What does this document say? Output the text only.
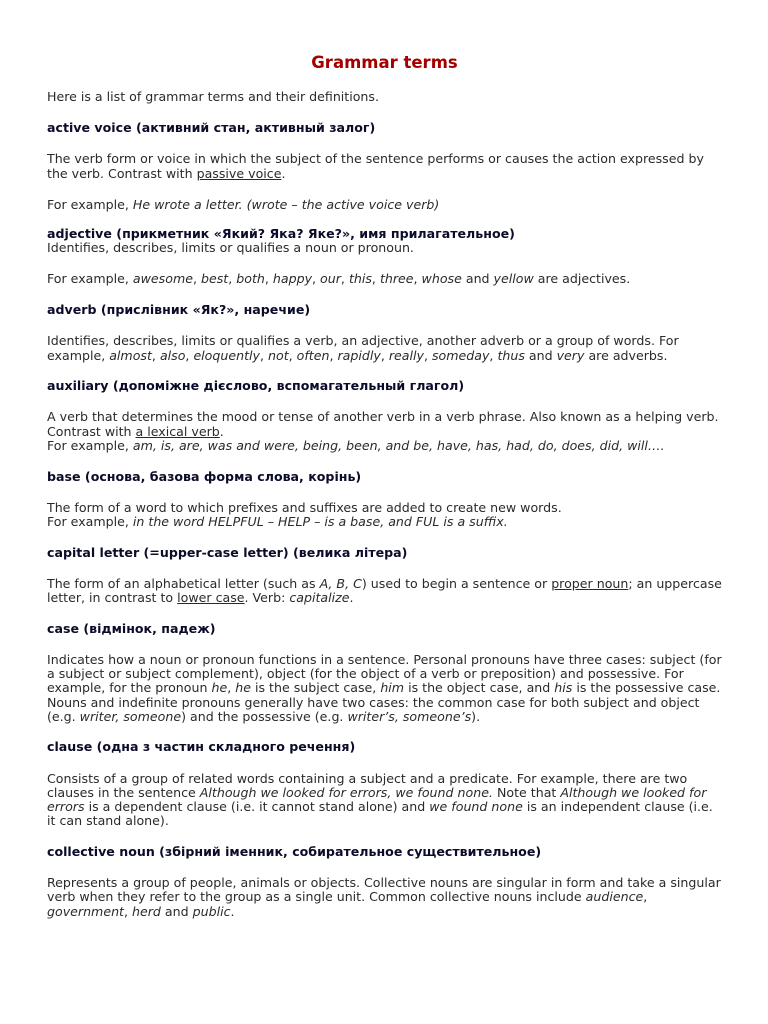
Grammar terms

Here is a list of grammar terms and their definitions.

active voice (активний стан, активный залог)

The verb form or voice in which the subject of the sentence performs or causes the action expressed by the verb. Contrast with passive voice.

For example, He wrote a letter. (wrote – the active voice verb)

adjective (прикметник «Який? Яка? Яке?», имя прилагательное)

Identifies, describes, limits or qualifies a noun or pronoun.

For example, awesome, best, both, happy, our, this, three, whose and yellow are adjectives.

adverb (прислівник «Як?», наречие)

Identifies, describes, limits or qualifies a verb, an adjective, another adverb or a group of words. For example, almost, also, eloquently, not, often, rapidly, really, someday, thus and very are adverbs.

auxiliary (допоміжне дієслово, вспомагательный глагол)

A verb that determines the mood or tense of another verb in a verb phrase. Also known as a helping verb. Contrast with a lexical verb.

For example, am, is, are, was and were, being, been, and be, have, has, had, do, does, did, will….

base (основа, базова форма слова, корінь)

The form of a word to which prefixes and suffixes are added to create new words.

For example, in the word HELPFUL – HELP – is a base, and FUL is a suffix.

capital letter (=upper-case letter) (велика літера)

The form of an alphabetical letter (such as A, B, C) used to begin a sentence or proper noun; an uppercase letter, in contrast to lower case. Verb: capitalize.

case (відмінок, падеж)

Indicates how a noun or pronoun functions in a sentence. Personal pronouns have three cases: subject (for a subject or subject complement), object (for the object of a verb or preposition) and possessive. For example, for the pronoun he, he is the subject case, him is the object case, and his is the possessive case. Nouns and indefinite pronouns generally have two cases: the common case for both subject and object (e.g. writer, someone) and the possessive (e.g. writer’s, someone’s).

clause (одна з частин складного речення)

Consists of a group of related words containing a subject and a predicate. For example, there are two clauses in the sentence Although we looked for errors, we found none. Note that Although we looked for errors is a dependent clause (i.e. it cannot stand alone) and we found none is an independent clause (i.e. it can stand alone).

collective noun (збірний іменник, собирательное существительное)

Represents a group of people, animals or objects. Collective nouns are singular in form and take a singular verb when they refer to the group as a single unit. Common collective nouns include audience, government, herd and public.
